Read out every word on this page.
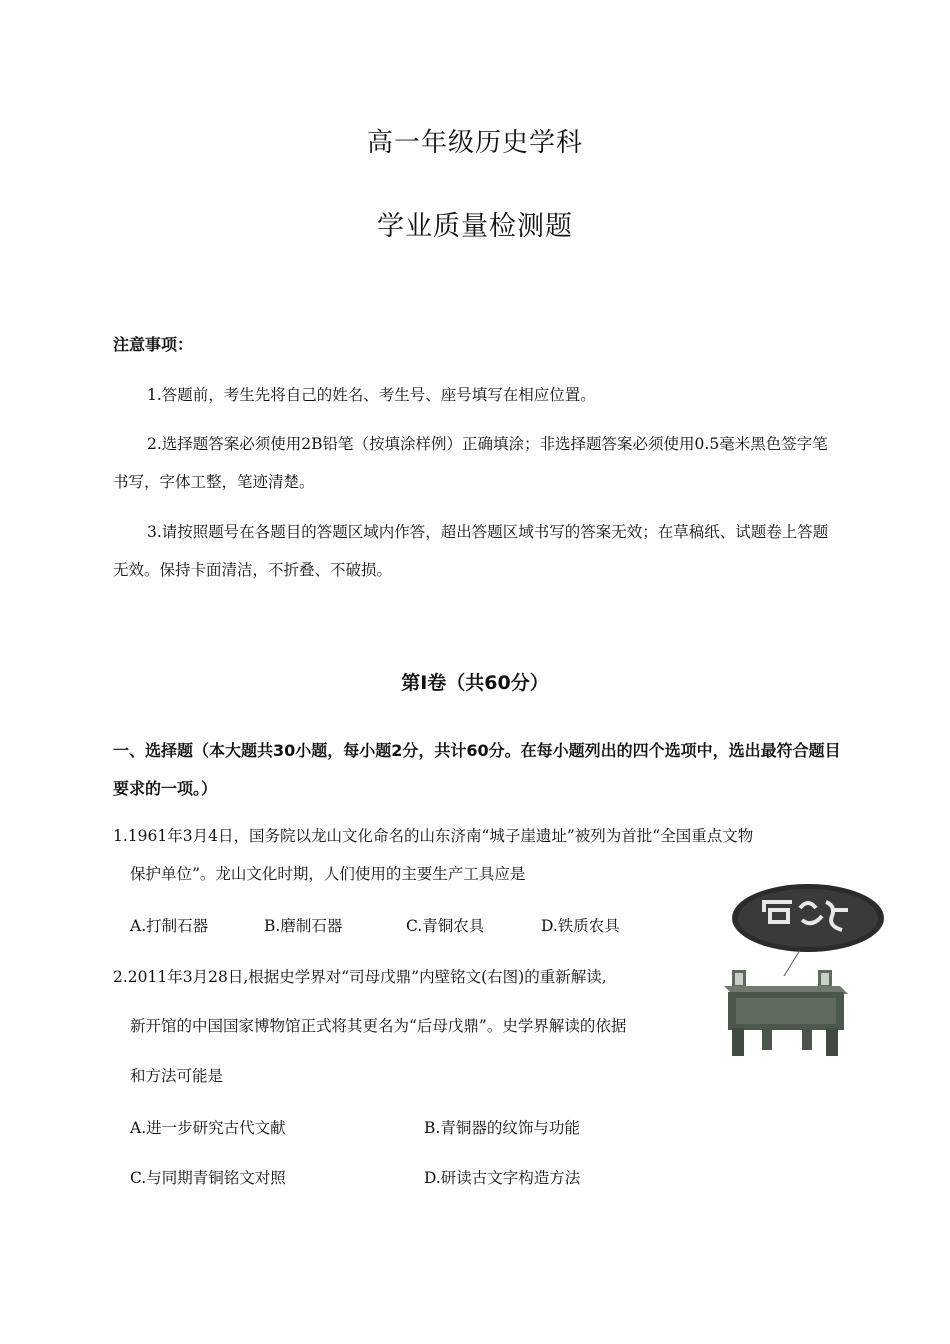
高一年级历史学科
学业质量检测题
注意事项：
1.答题前，考生先将自己的姓名、考生号、座号填写在相应位置。
2.选择题答案必须使用2B铅笔（按填涂样例）正确填涂；非选择题答案必须使用0.5毫米黑色签字笔书写，字体工整，笔迹清楚。
3.请按照题号在各题目的答题区域内作答，超出答题区域书写的答案无效；在草稿纸、试题卷上答题无效。保持卡面清洁，不折叠、不破损。
第Ⅰ卷（共60分）
一、选择题（本大题共30小题，每小题2分，共计60分。在每小题列出的四个选项中，选出最符合题目要求的一项。）
1.1961年3月4日，国务院以龙山文化命名的山东济南“城子崖遗址”被列为首批“全国重点文物
保护单位”。龙山文化时期，人们使用的主要生产工具应是
A.打制石器	B.磨制石器	C.青铜农具	D.铁质农具
2.2011年3月28日,根据史学界对“司母戊鼎”内壁铭文(右图)的重新解读,
新开馆的中国国家博物馆正式将其更名为“后母戊鼎”。史学界解读的依据
和方法可能是
A.进一步研究古代文献	B.青铜器的纹饰与功能
C.与同期青铜铭文对照	D.研读古文字构造方法
